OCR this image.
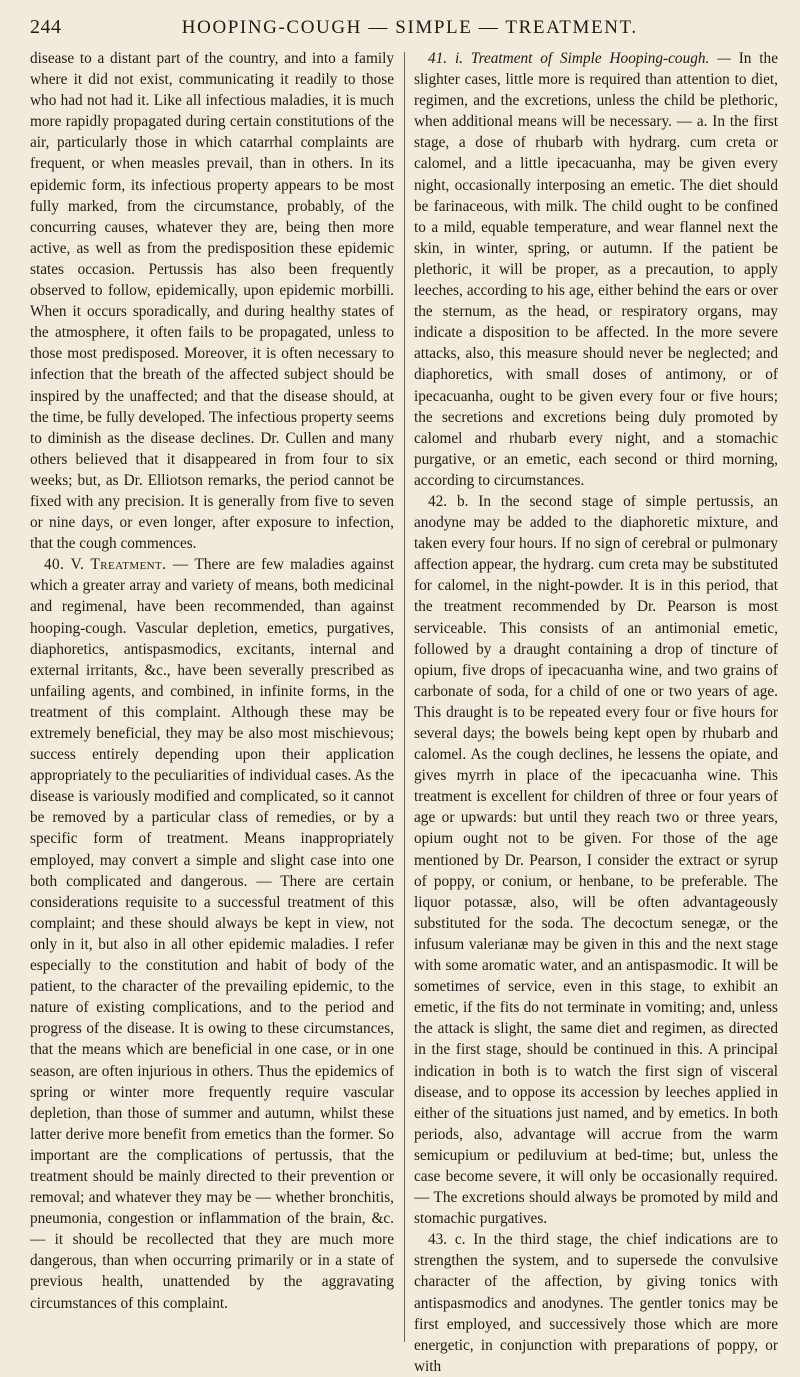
244	HOOPING-COUGH — SIMPLE — TREATMENT.

disease to a distant part of the country, and into a family where it did not exist, communicating it readily to those who had not had it. Like all infectious maladies, it is much more rapidly propagated during certain constitutions of the air, particularly those in which catarrhal complaints are frequent, or when measles prevail, than in others. In its epidemic form, its infectious property appears to be most fully marked, from the circumstance, probably, of the concurring causes, whatever they are, being then more active, as well as from the predisposition these epidemic states occasion. Pertussis has also been frequently observed to follow, epidemically, upon epidemic morbilli. When it occurs sporadically, and during healthy states of the atmosphere, it often fails to be propagated, unless to those most predisposed. Moreover, it is often necessary to infection that the breath of the affected subject should be inspired by the unaffected; and that the disease should, at the time, be fully developed. The infectious property seems to diminish as the disease declines. Dr. Cullen and many others believed that it disappeared in from four to six weeks; but, as Dr. Elliotson remarks, the period cannot be fixed with any precision. It is generally from five to seven or nine days, or even longer, after exposure to infection, that the cough commences.

40. V. Treatment. — There are few maladies against which a greater array and variety of means, both medicinal and regimenal, have been recommended, than against hooping-cough. Vascular depletion, emetics, purgatives, diaphoretics, antispasmodics, excitants, internal and external irritants, &c., have been severally prescribed as unfailing agents, and combined, in infinite forms, in the treatment of this complaint. Although these may be extremely beneficial, they may be also most mischievous; success entirely depending upon their application appropriately to the peculiarities of individual cases. As the disease is variously modified and complicated, so it cannot be removed by a particular class of remedies, or by a specific form of treatment. Means inappropriately employed, may convert a simple and slight case into one both complicated and dangerous. — There are certain considerations requisite to a successful treatment of this complaint; and these should always be kept in view, not only in it, but also in all other epidemic maladies. I refer especially to the constitution and habit of body of the patient, to the character of the prevailing epidemic, to the nature of existing complications, and to the period and progress of the disease. It is owing to these circumstances, that the means which are beneficial in one case, or in one season, are often injurious in others. Thus the epidemics of spring or winter more frequently require vascular depletion, than those of summer and autumn, whilst these latter derive more benefit from emetics than the former. So important are the complications of pertussis, that the treatment should be mainly directed to their prevention or removal; and whatever they may be — whether bronchitis, pneumonia, congestion or inflammation of the brain, &c. — it should be recollected that they are much more dangerous, than when occurring primarily or in a state of previous health, unattended by the aggravating circumstances of this complaint.

41. i. Treatment of Simple Hooping-cough. — In the slighter cases, little more is required than attention to diet, regimen, and the excretions, unless the child be plethoric, when additional means will be necessary. — a. In the first stage, a dose of rhubarb with hydrarg. cum creta or calomel, and a little ipecacuanha, may be given every night, occasionally interposing an emetic. The diet should be farinaceous, with milk. The child ought to be confined to a mild, equable temperature, and wear flannel next the skin, in winter, spring, or autumn. If the patient be plethoric, it will be proper, as a precaution, to apply leeches, according to his age, either behind the ears or over the sternum, as the head, or respiratory organs, may indicate a disposition to be affected. In the more severe attacks, also, this measure should never be neglected; and diaphoretics, with small doses of antimony, or of ipecacuanha, ought to be given every four or five hours; the secretions and excretions being duly promoted by calomel and rhubarb every night, and a stomachic purgative, or an emetic, each second or third morning, according to circumstances.

42. b. In the second stage of simple pertussis, an anodyne may be added to the diaphoretic mixture, and taken every four hours. If no sign of cerebral or pulmonary affection appear, the hydrarg. cum creta may be substituted for calomel, in the night-powder. It is in this period, that the treatment recommended by Dr. Pearson is most serviceable. This consists of an antimonial emetic, followed by a draught containing a drop of tincture of opium, five drops of ipecacuanha wine, and two grains of carbonate of soda, for a child of one or two years of age. This draught is to be repeated every four or five hours for several days; the bowels being kept open by rhubarb and calomel. As the cough declines, he lessens the opiate, and gives myrrh in place of the ipecacuanha wine. This treatment is excellent for children of three or four years of age or upwards: but until they reach two or three years, opium ought not to be given. For those of the age mentioned by Dr. Pearson, I consider the extract or syrup of poppy, or conium, or henbane, to be preferable. The liquor potassæ, also, will be often advantageously substituted for the soda. The decoctum senegæ, or the infusum valerianæ may be given in this and the next stage with some aromatic water, and an antispasmodic. It will be sometimes of service, even in this stage, to exhibit an emetic, if the fits do not terminate in vomiting; and, unless the attack is slight, the same diet and regimen, as directed in the first stage, should be continued in this. A principal indication in both is to watch the first sign of visceral disease, and to oppose its accession by leeches applied in either of the situations just named, and by emetics. In both periods, also, advantage will accrue from the warm semicupium or pediluvium at bed-time; but, unless the case become severe, it will only be occasionally required. — The excretions should always be promoted by mild and stomachic purgatives.

43. c. In the third stage, the chief indications are to strengthen the system, and to supersede the convulsive character of the affection, by giving tonics with antispasmodics and anodynes. The gentler tonics may be first employed, and successively those which are more energetic, in conjunction with preparations of poppy, or with
